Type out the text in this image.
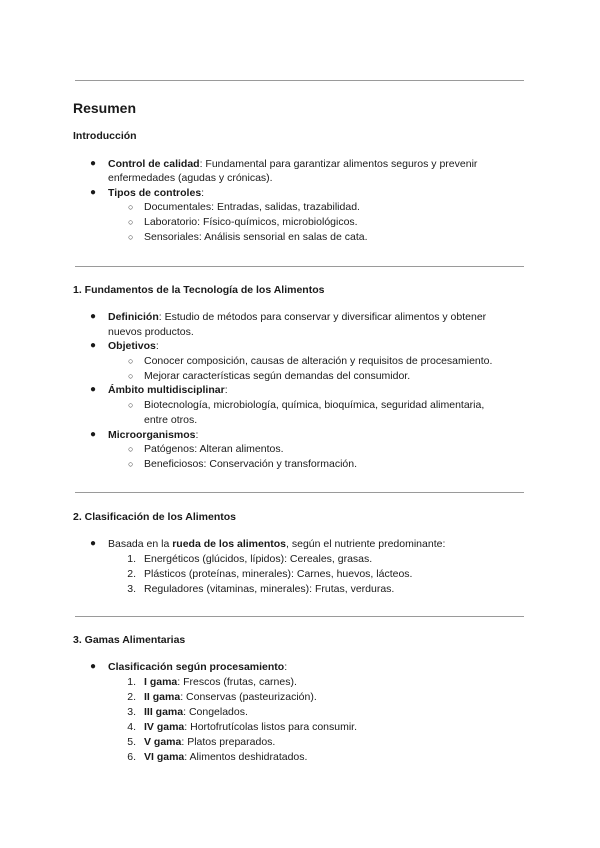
Resumen
Introducción
● Control de calidad: Fundamental para garantizar alimentos seguros y prevenir
enfermedades (agudas y crónicas).
● Tipos de controles:
○ Documentales: Entradas, salidas, trazabilidad.
○ Laboratorio: Físico-químicos, microbiológicos.
○ Sensoriales: Análisis sensorial en salas de cata.
1. Fundamentos de la Tecnología de los Alimentos
● Definición: Estudio de métodos para conservar y diversificar alimentos y obtener
nuevos productos.
● Objetivos:
○ Conocer composición, causas de alteración y requisitos de procesamiento.
○ Mejorar características según demandas del consumidor.
● Ámbito multidisciplinar:
○ Biotecnología, microbiología, química, bioquímica, seguridad alimentaria,
entre otros.
● Microorganismos:
○ Patógenos: Alteran alimentos.
○ Beneficiosos: Conservación y transformación.
2. Clasificación de los Alimentos
● Basada en la rueda de los alimentos, según el nutriente predominante:
1. Energéticos (glúcidos, lípidos): Cereales, grasas.
2. Plásticos (proteínas, minerales): Carnes, huevos, lácteos.
3. Reguladores (vitaminas, minerales): Frutas, verduras.
3. Gamas Alimentarias
● Clasificación según procesamiento:
1. I gama: Frescos (frutas, carnes).
2. II gama: Conservas (pasteurización).
3. III gama: Congelados.
4. IV gama: Hortofrutícolas listos para consumir.
5. V gama: Platos preparados.
6. VI gama: Alimentos deshidratados.
